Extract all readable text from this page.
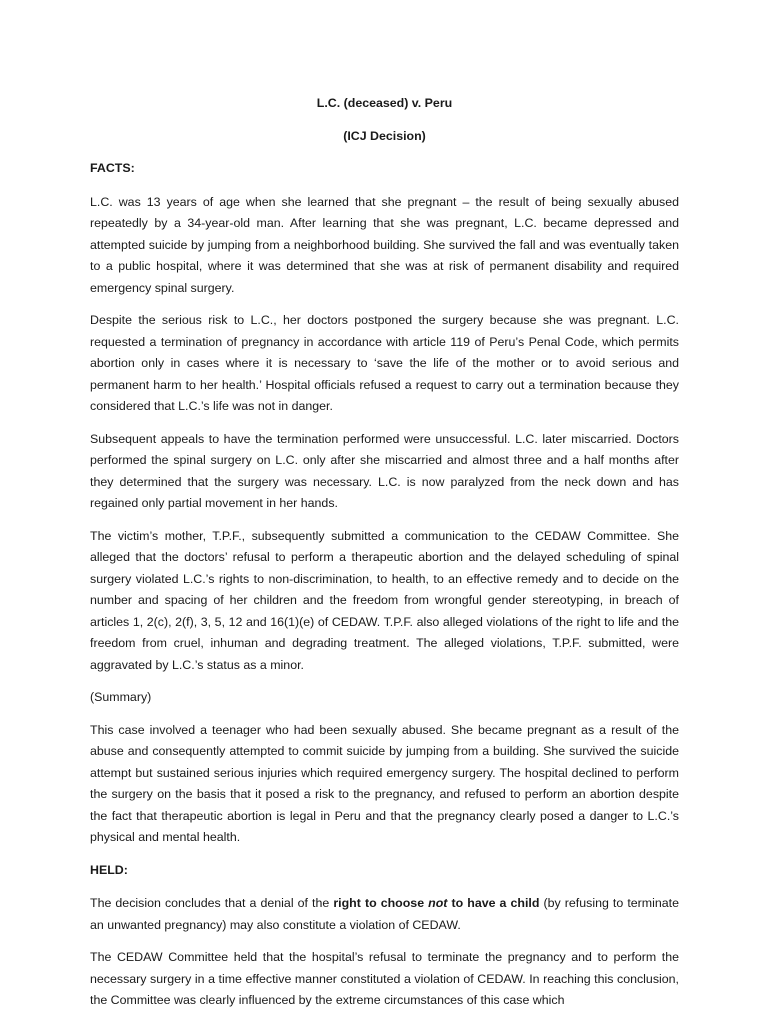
L.C. (deceased) v. Peru
(ICJ Decision)
FACTS:

L.C. was 13 years of age when she learned that she pregnant – the result of being sexually abused repeatedly by a 34-year-old man. After learning that she was pregnant, L.C. became depressed and attempted suicide by jumping from a neighborhood building. She survived the fall and was eventually taken to a public hospital, where it was determined that she was at risk of permanent disability and required emergency spinal surgery.

Despite the serious risk to L.C., her doctors postponed the surgery because she was pregnant. L.C. requested a termination of pregnancy in accordance with article 119 of Peru’s Penal Code, which permits abortion only in cases where it is necessary to ‘save the life of the mother or to avoid serious and permanent harm to her health.’ Hospital officials refused a request to carry out a termination because they considered that L.C.’s life was not in danger.

Subsequent appeals to have the termination performed were unsuccessful. L.C. later miscarried. Doctors performed the spinal surgery on L.C. only after she miscarried and almost three and a half months after they determined that the surgery was necessary. L.C. is now paralyzed from the neck down and has regained only partial movement in her hands.

The victim’s mother, T.P.F., subsequently submitted a communication to the CEDAW Committee. She alleged that the doctors’ refusal to perform a therapeutic abortion and the delayed scheduling of spinal surgery violated L.C.’s rights to non-discrimination, to health, to an effective remedy and to decide on the number and spacing of her children and the freedom from wrongful gender stereotyping, in breach of articles 1, 2(c), 2(f), 3, 5, 12 and 16(1)(e) of CEDAW. T.P.F. also alleged violations of the right to life and the freedom from cruel, inhuman and degrading treatment. The alleged violations, T.P.F. submitted, were aggravated by L.C.’s status as a minor.

(Summary)

This case involved a teenager who had been sexually abused. She became pregnant as a result of the abuse and consequently attempted to commit suicide by jumping from a building. She survived the suicide attempt but sustained serious injuries which required emergency surgery. The hospital declined to perform the surgery on the basis that it posed a risk to the pregnancy, and refused to perform an abortion despite the fact that therapeutic abortion is legal in Peru and that the pregnancy clearly posed a danger to L.C.’s physical and mental health.

HELD:

The decision concludes that a denial of the right to choose not to have a child (by refusing to terminate an unwanted pregnancy) may also constitute a violation of CEDAW.

The CEDAW Committee held that the hospital’s refusal to terminate the pregnancy and to perform the necessary surgery in a time effective manner constituted a violation of CEDAW. In reaching this conclusion, the Committee was clearly influenced by the extreme circumstances of this case which
